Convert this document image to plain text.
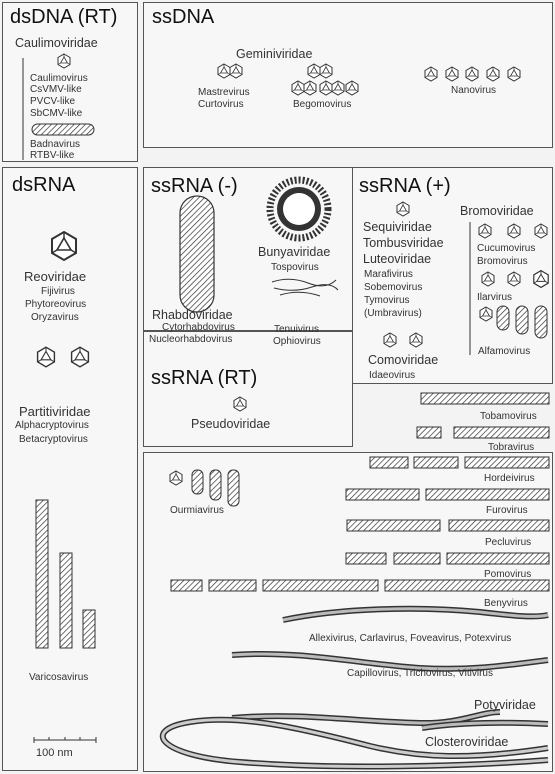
dsDNA (RT) ssDNA
dsRNA	ssRNA (-)	ssRNA (+)
ssRNA (RT)
Caulimoviridae
Caulimovirus
CsVMV-like
PVCV-like
SbCMV-like
Badnavirus
RTBV-like
Geminiviridae
Mastrevirus
Curtovirus	Begomovirus
Nanovirus
Reoviridae
Fijivirus
Phytoreovirus
Oryzavirus
Partitiviridae
Alphacryptovirus
Betacryptovirus
Varicosavirus
100 nm
Rhabdoviridae
Cytorhabdovirus
Nucleorhabdovirus
Bunyaviridae
Tospovirus
Tenuivirus
Ophiovirus
Sequiviridae
Tombusviridae
Luteoviridae
Marafivirus
Sobemovirus
Tymovirus
(Umbravirus)
Bromoviridae
Cucumovirus
Bromovirus
Ilarvirus
Alfamovirus
Comoviridae
Idaeovirus
Pseudoviridae
Ourmiavirus
Tobamovirus
Tobravirus
Hordeivirus
Furovirus
Pecluvirus
Pomovirus
Benyvirus
Allexivirus, Carlavirus, Foveavirus, Potexvirus
Capillovirus, Trichovirus, Vitivirus
Potyviridae
Closteroviridae
